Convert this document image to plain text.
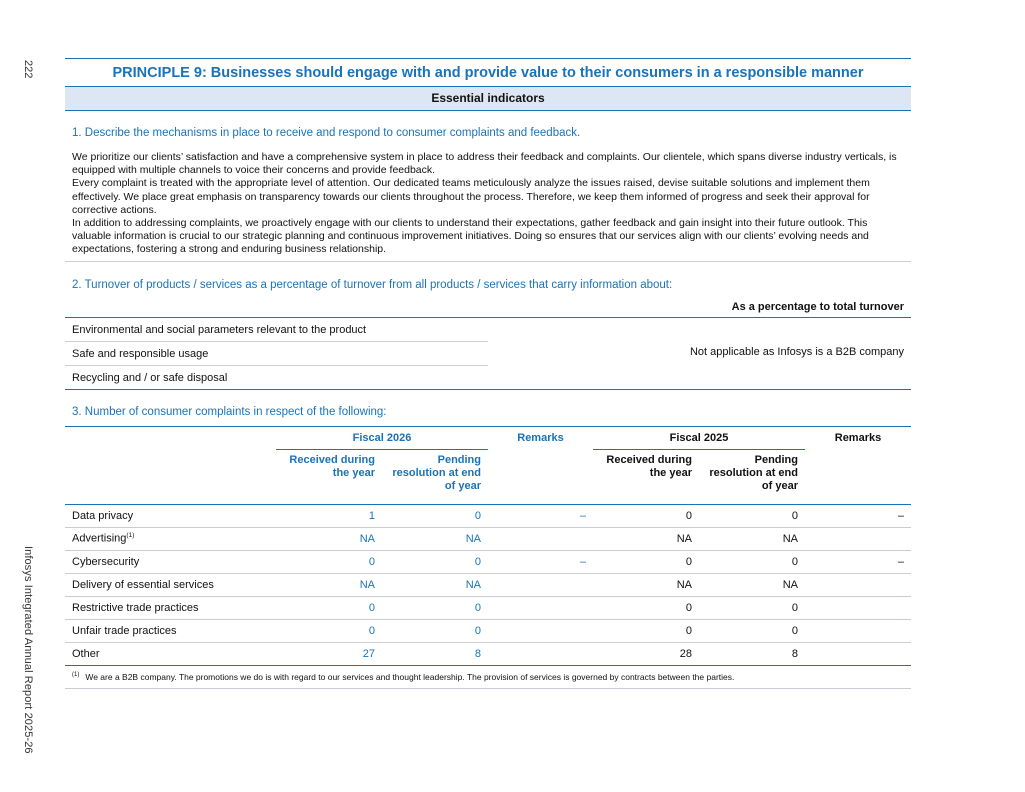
222
Infosys Integrated Annual Report 2025-26
PRINCIPLE 9: Businesses should engage with and provide value to their consumers in a responsible manner
Essential indicators
1. Describe the mechanisms in place to receive and respond to consumer complaints and feedback.

We prioritize our clients’ satisfaction and have a comprehensive system in place to address their feedback and complaints. Our clientele, which spans diverse industry verticals, is equipped with multiple channels to voice their concerns and provide feedback.

Every complaint is treated with the appropriate level of attention. Our dedicated teams meticulously analyze the issues raised, devise suitable solutions and implement them effectively. We place great emphasis on transparency towards our clients throughout the process. Therefore, we keep them informed of progress and seek their approval for corrective actions.

In addition to addressing complaints, we proactively engage with our clients to understand their expectations, gather feedback and gain insight into their future outlook. This valuable information is crucial to our strategic planning and continuous improvement initiatives. Doing so ensures that our services align with our clients’ evolving needs and expectations, fostering a strong and enduring business relationship.

2. Turnover of products / services as a percentage of turnover from all products / services that carry information about:
As a percentage to total turnover
Environmental and social parameters relevant to the product
Safe and responsible usage
Recycling and / or safe disposal
Not applicable as Infosys is a B2B company
3. Number of consumer complaints in respect of the following:
	Fiscal 2026		Remarks	Fiscal 2025		Remarks
	Received during the year	Pending resolution at end of year		Received during the year	Pending resolution at end of year	
Data privacy	1	0	–	0	0	–
Advertising$^{(1)}$	NA	NA		NA	NA	
Cybersecurity	0	0	–	0	0	–
Delivery of essential services	NA	NA		NA	NA	
Restrictive trade practices	0	0		0	0	
Unfair trade practices	0	0		0	0	
Other	27	8		28	8	
$^{(1)}$ We are a B2B company. The promotions we do is with regard to our services and thought leadership. The provision of services is governed by contracts between the parties.
